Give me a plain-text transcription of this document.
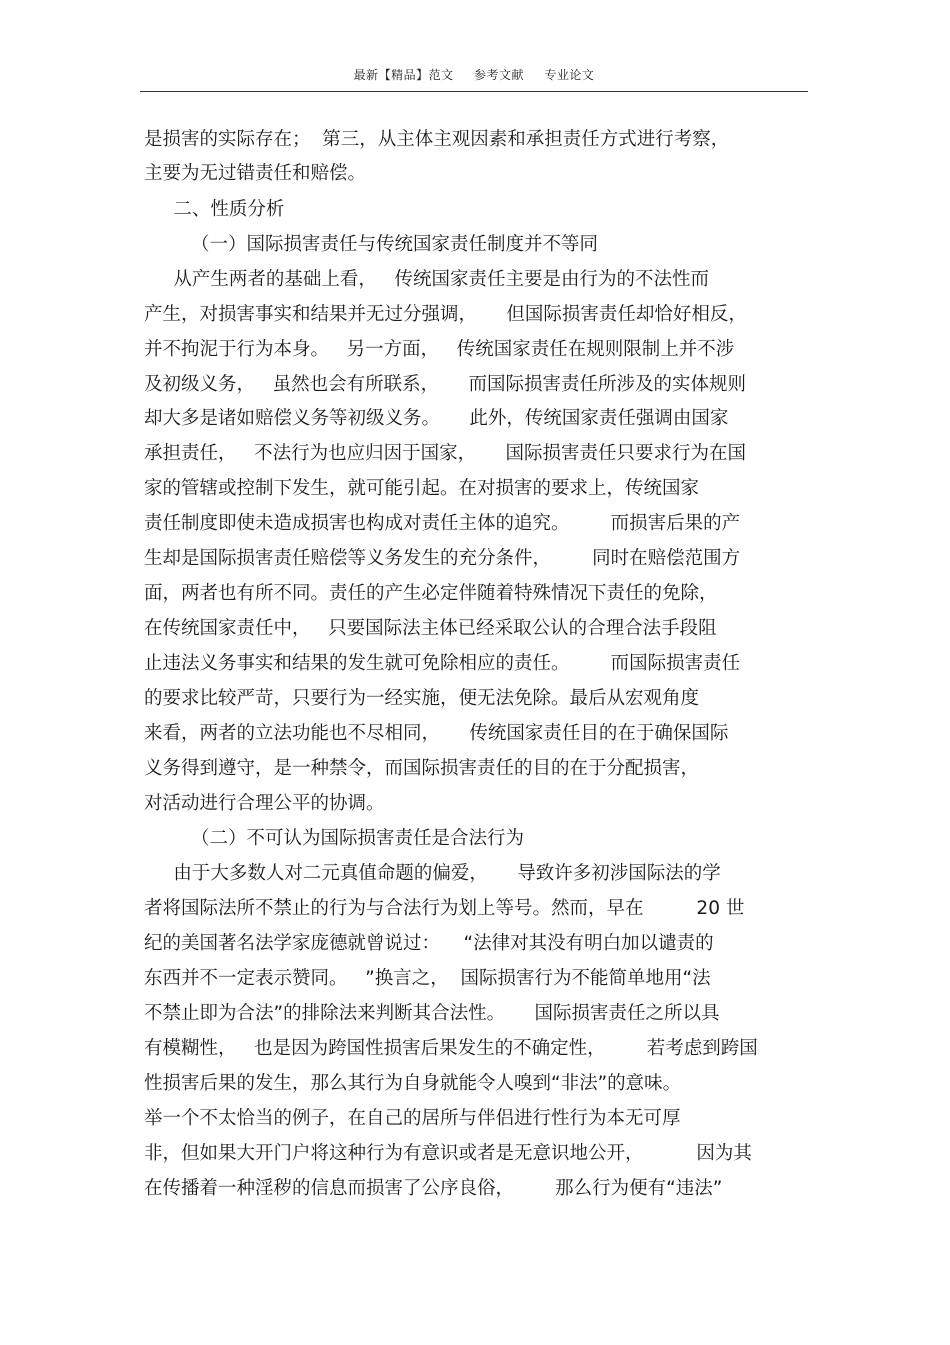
最新【精品】范文 参考文献 专业论文
是损害的实际存在；  第三，从主体主观因素和承担责任方式进行考察，
主要为无过错责任和赔偿。
二、性质分析
（一）国际损害责任与传统国家责任制度并不等同
从产生两者的基础上看，   传统国家责任主要是由行为的不法性而
产生，对损害事实和结果并无过分强调，     但国际损害责任却恰好相反，
并不拘泥于行为本身。   另一方面，   传统国家责任在规则限制上并不涉
及初级义务，   虽然也会有所联系，     而国际损害责任所涉及的实体规则
却大多是诸如赔偿义务等初级义务。     此外，传统国家责任强调由国家
承担责任，   不法行为也应归因于国家，     国际损害责任只要求行为在国
家的管辖或控制下发生，就可能引起。在对损害的要求上，传统国家
责任制度即使未造成损害也构成对责任主体的追究。       而损害后果的产
生却是国际损害责任赔偿等义务发生的充分条件，       同时在赔偿范围方
面，两者也有所不同。责任的产生必定伴随着特殊情况下责任的免除，
在传统国家责任中，   只要国际法主体已经采取公认的合理合法手段阻
止违法义务事实和结果的发生就可免除相应的责任。       而国际损害责任
的要求比较严苛，只要行为一经实施，便无法免除。最后从宏观角度
来看，两者的立法功能也不尽相同，     传统国家责任目的在于确保国际
义务得到遵守，是一种禁令，而国际损害责任的目的在于分配损害，
对活动进行合理公平的协调。
（二）不可认为国际损害责任是合法行为
由于大多数人对二元真值命题的偏爱，     导致许多初涉国际法的学
者将国际法所不禁止的行为与合法行为划上等号。然而，早在         20 世
纪的美国著名法学家庞德就曾说过：    “法律对其没有明白加以谴责的
东西并不一定表示赞同。   ”换言之，  国际损害行为不能简单地用“法
不禁止即为合法”的排除法来判断其合法性。     国际损害责任之所以具
有模糊性，   也是因为跨国性损害后果发生的不确定性，       若考虑到跨国
性损害后果的发生，那么其行为自身就能令人嗅到“非法”的意味。
举一个不太恰当的例子，在自己的居所与伴侣进行性行为本无可厚
非，但如果大开门户将这种行为有意识或者是无意识地公开，         因为其
在传播着一种淫秽的信息而损害了公序良俗，       那么行为便有“违法”
